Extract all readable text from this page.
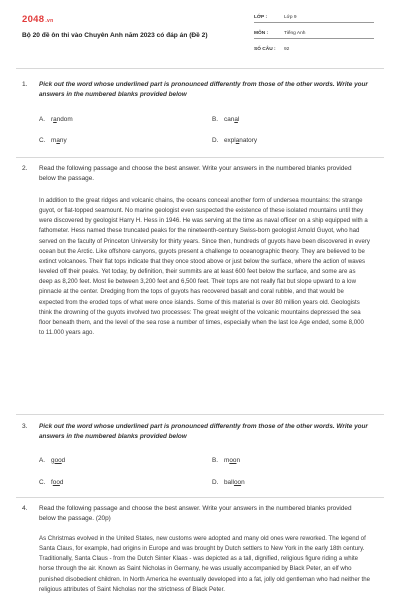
2048.vn
Bộ 20 đề ôn thi vào Chuyên Anh năm 2023 có đáp án (Đề 2)
LỚP :	Lớp 9
MÔN :	Tiếng Anh
SỐ CÂU : 92
1. Pick out the word whose underlined part is pronounced differently from those of the other words. Write your answers in the numbered blanks provided below
A. random	B. canal
C. many	D. explanatory
2. Read the following passage and choose the best answer. Write your answers in the numbered blanks provided below the passage.

In addition to the great ridges and volcanic chains, the oceans conceal another form of undersea mountains: the strange guyot, or flat-topped seamount. No marine geologist even suspected the existence of these isolated mountains until they were discovered by geologist Harry H. Hess in 1946. He was serving at the time as naval officer on a ship equipped with a fathometer. Hess named these truncated peaks for the nineteenth-century Swiss-born geologist Arnold Guyot, who had served on the faculty of Princeton University for thirty years. Since then, hundreds of guyots have been discovered in every ocean but the Arctic. Like offshore canyons, guyots present a challenge to oceanographic theory. They are believed to be extinct volcanoes. Their flat tops indicate that they once stood above or just below the surface, where the action of waves leveled off their peaks. Yet today, by definition, their summits are at least 600 feet below the surface, and some are as deep as 8,200 feet. Most lie between 3,200 feet and 6,500 feet. Their tops are not really flat but slope upward to a low pinnacle at the center. Dredging from the tops of guyots has recovered basalt and coral rubble, and that would be expected from the eroded tops of what were once islands. Some of this material is over 80 million years old. Geologists think the drowning of the guyots involved two processes: The great weight of the volcanic mountains depressed the sea floor beneath them, and the level of the sea rose a number of times, especially when the last Ice Age ended, some 8,000 to 11.000 years ago.

3. Pick out the word whose underlined part is pronounced differently from those of the other words. Write your answers in the numbered blanks provided below
A. good	B. moon
C. food	D. balloon
4. Read the following passage and choose the best answer. Write your answers in the numbered blanks provided below the passage. (20p)

As Christmas evolved in the United States, new customs were adopted and many old ones were reworked. The legend of Santa Claus, for example, had origins in Europe and was brought by Dutch settlers to New York in the early 18th century. Traditionally, Santa Claus - from the Dutch Sinter Klaas - was depicted as a tall, dignified, religious figure riding a white horse through the air. Known as Saint Nicholas in Germany, he was usually accompanied by Black Peter, an elf who punished disobedient children. In North America he eventually developed into a fat, jolly old gentleman who had neither the religious attributes of Saint Nicholas nor the strictness of Black Peter.
